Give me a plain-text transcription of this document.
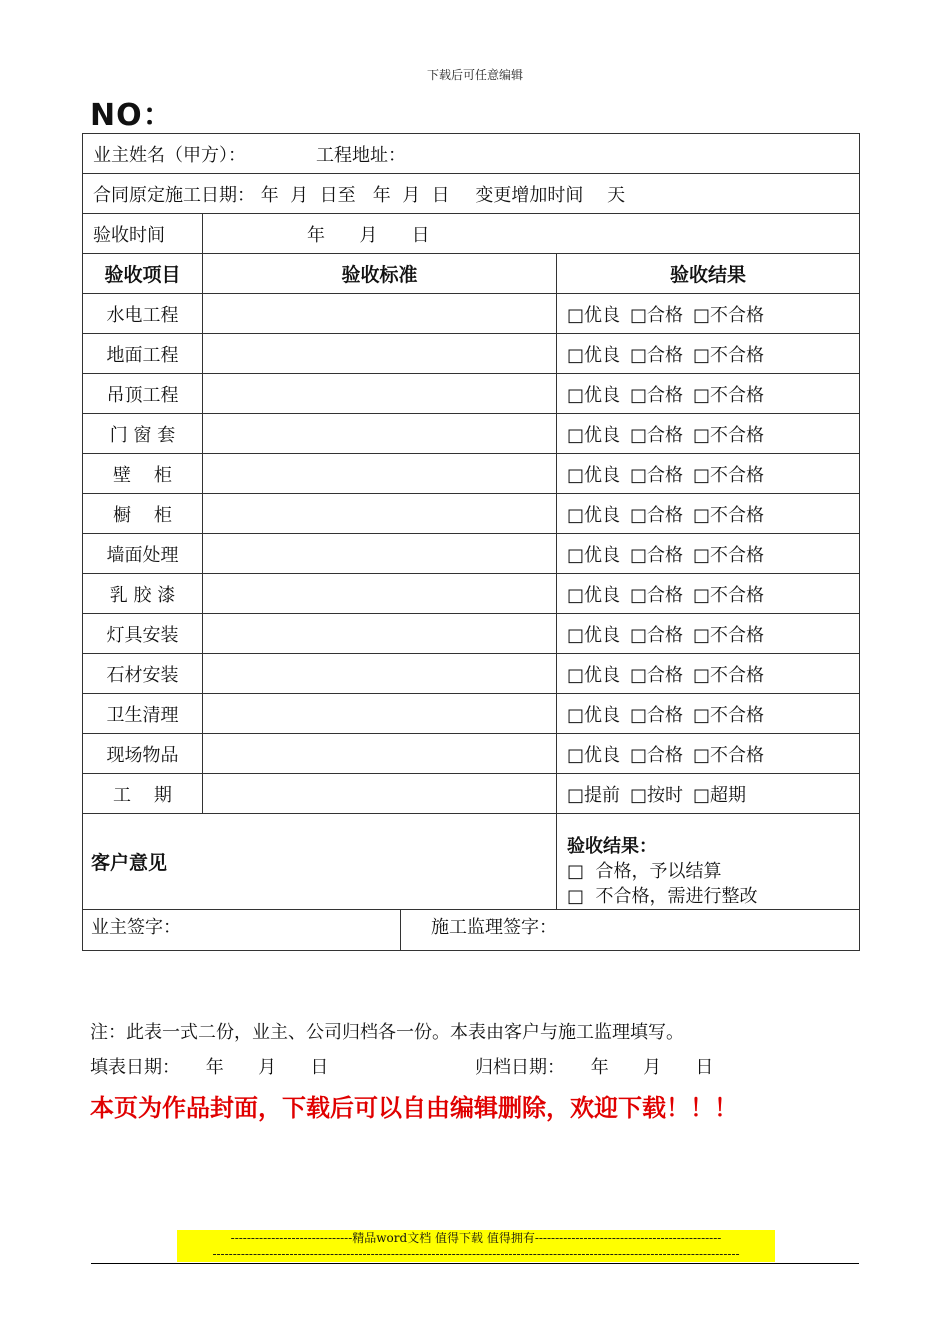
下载后可任意编辑
NO：
业主姓名（甲方）： 工程地址：		
合同原定施工日期： 年  月  日至   年  月  日 变更增加时间 天		
验收时间	年      月      日	
验收项目	验收标准	验收结果
水电工程		□优良 □合格 □不合格
地面工程		□优良 □合格 □不合格
吊顶工程		□优良 □合格 □不合格
门 窗 套		□优良 □合格 □不合格
壁    柜		□优良 □合格 □不合格
橱    柜		□优良 □合格 □不合格
墙面处理		□优良 □合格 □不合格
乳 胶 漆		□优良 □合格 □不合格
灯具安装		□优良 □合格 □不合格
石材安装		□优良 □合格 □不合格
卫生清理		□优良 □合格 □不合格
现场物品		□优良 □合格 □不合格
工    期		□提前 □按时 □超期
客户意见		验收结果：
□  合格，予以结算
□  不合格，需进行整改

业主签字： 施工监理签字：		
注：此表一式二份，业主、公司归档各一份。本表由客户与施工监理填写。
填表日期： 年      月      日	归档日期： 年      月      日
本页为作品封面，下载后可以自由编辑删除，欢迎下载！！！
------------------------------精品word文档 值得下载 值得拥有----------------------------------------------
----------------------------------------------------------------------------------------------------------------------------------
